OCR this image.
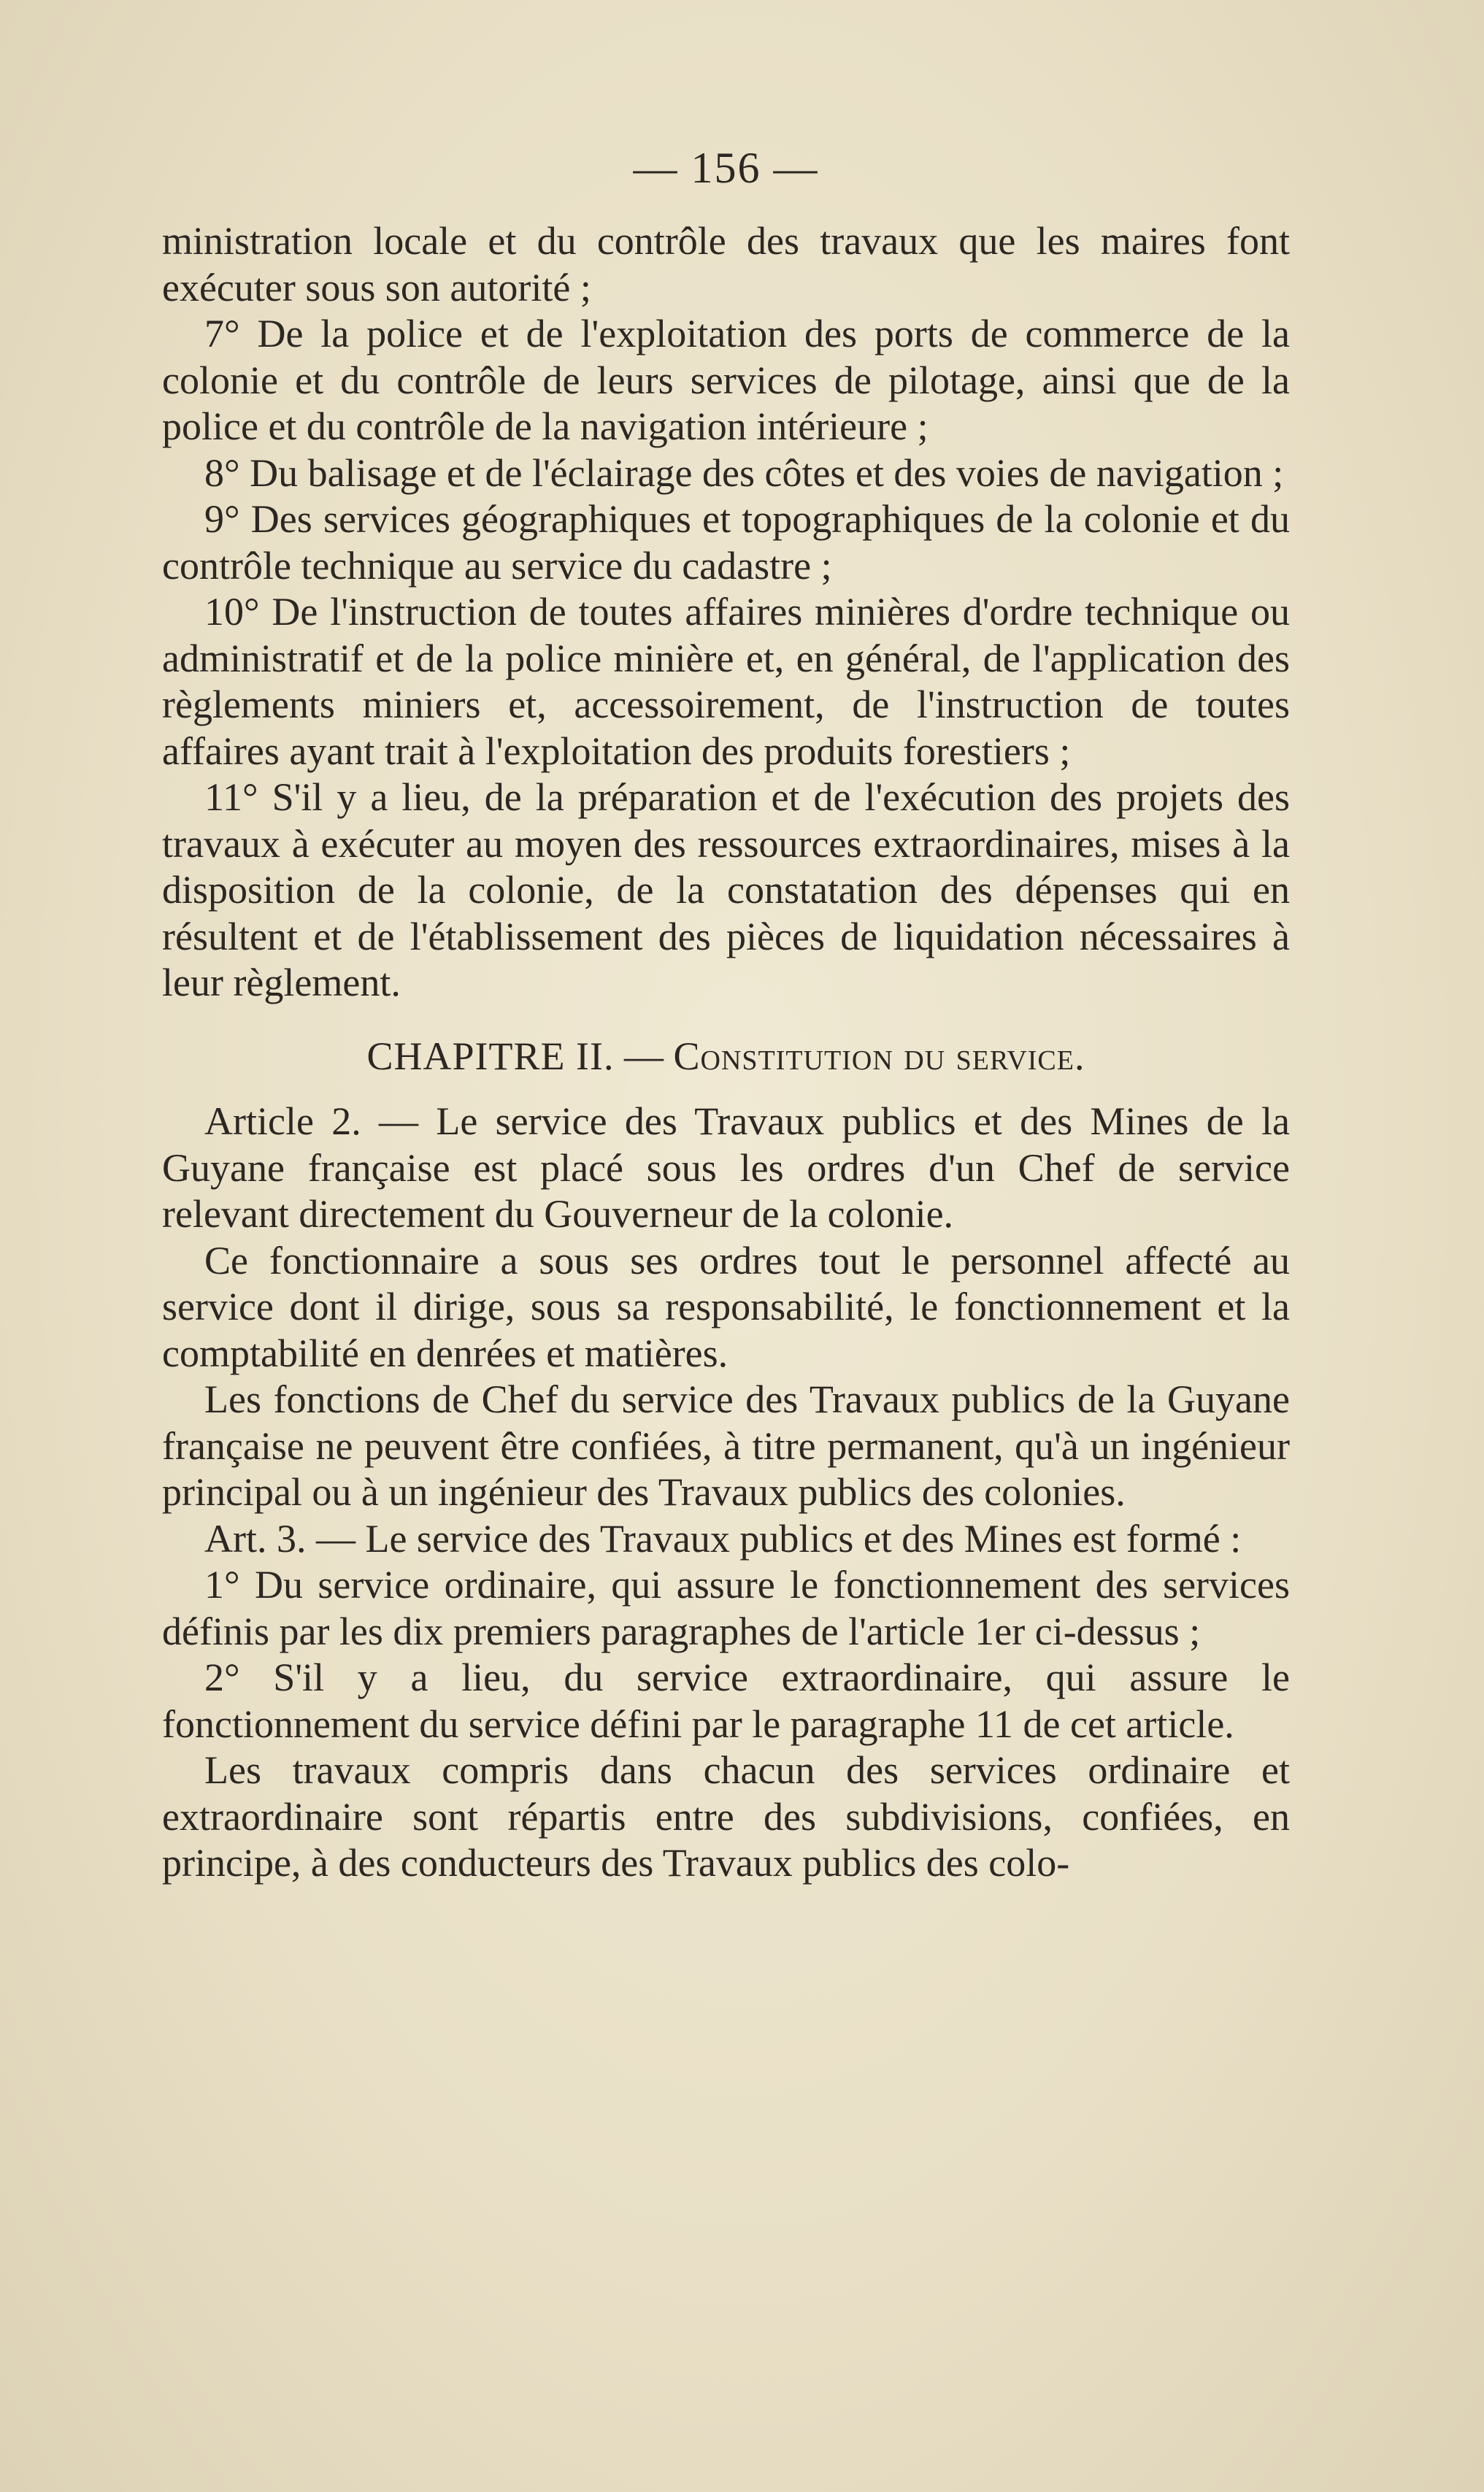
— 156 —

ministration locale et du contrôle des travaux que les maires font exécuter sous son autorité ;

7° De la police et de l'exploitation des ports de commerce de la colonie et du contrôle de leurs services de pilotage, ainsi que de la police et du contrôle de la navigation intérieure ;

8° Du balisage et de l'éclairage des côtes et des voies de navigation ;

9° Des services géographiques et topographiques de la colonie et du contrôle technique au service du cadastre ;

10° De l'instruction de toutes affaires minières d'ordre technique ou administratif et de la police minière et, en général, de l'application des règlements miniers et, accessoirement, de l'instruction de toutes affaires ayant trait à l'exploitation des produits forestiers ;

11° S'il y a lieu, de la préparation et de l'exécution des projets des travaux à exécuter au moyen des ressources extraordinaires, mises à la disposition de la colonie, de la constatation des dépenses qui en résultent et de l'établissement des pièces de liquidation nécessaires à leur règlement.

CHAPITRE II. — Constitution du service.

Article 2. — Le service des Travaux publics et des Mines de la Guyane française est placé sous les ordres d'un Chef de service relevant directement du Gouverneur de la colonie.

Ce fonctionnaire a sous ses ordres tout le personnel affecté au service dont il dirige, sous sa responsabilité, le fonctionnement et la comptabilité en denrées et matières.

Les fonctions de Chef du service des Travaux publics de la Guyane française ne peuvent être confiées, à titre permanent, qu'à un ingénieur principal ou à un ingénieur des Travaux publics des colonies.

Art. 3. — Le service des Travaux publics et des Mines est formé :

1° Du service ordinaire, qui assure le fonctionnement des services définis par les dix premiers paragraphes de l'article 1er ci-dessus ;

2° S'il y a lieu, du service extraordinaire, qui assure le fonctionnement du service défini par le paragraphe 11 de cet article.

Les travaux compris dans chacun des services ordinaire et extraordinaire sont répartis entre des subdivisions, confiées, en principe, à des conducteurs des Travaux publics des colo-
